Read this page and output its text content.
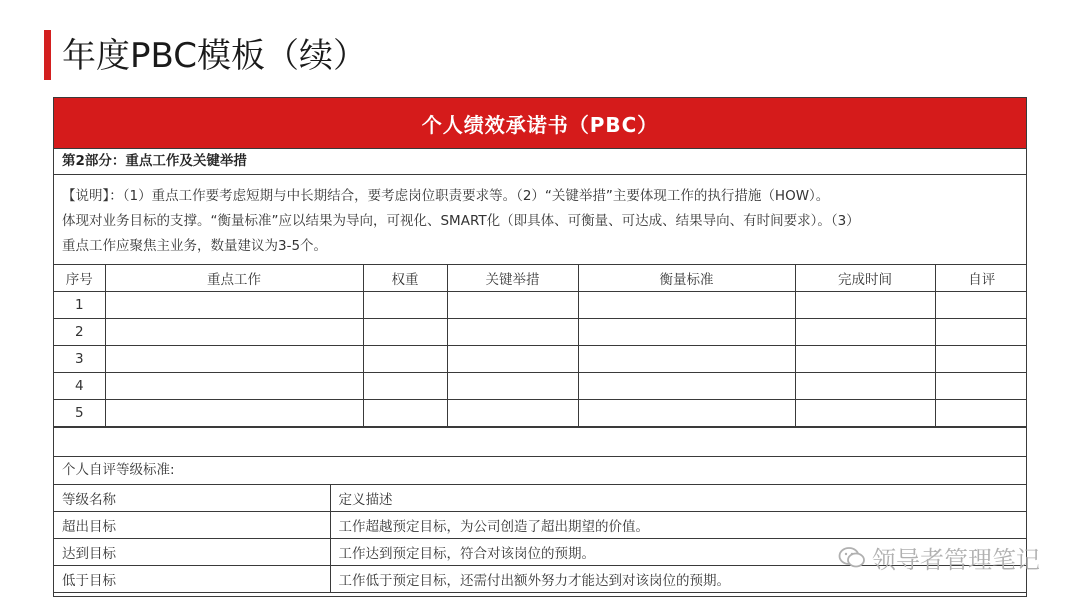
年度PBC模板（续）
个人绩效承诺书（PBC）
第2部分：重点工作及关键举措
【说明】：（1）重点工作要考虑短期与中长期结合，要考虑岗位职责要求等。（2）“关键举措”主要体现工作的执行措施（HOW）。
体现对业务目标的支撑。“衡量标准”应以结果为导向，可视化、SMART化（即具体、可衡量、可达成、结果导向、有时间要求）。（3）
重点工作应聚焦主业务，数量建议为3-5个。
序号	重点工作	权重	关键举措	衡量标准	完成时间	自评
1						
2						
3						
4						
5						
个人自评等级标准:
等级名称	定义描述
超出目标	工作超越预定目标，为公司创造了超出期望的价值。
达到目标	工作达到预定目标，符合对该岗位的预期。
低于目标	工作低于预定目标，还需付出额外努力才能达到对该岗位的预期。
领导者管理笔记
